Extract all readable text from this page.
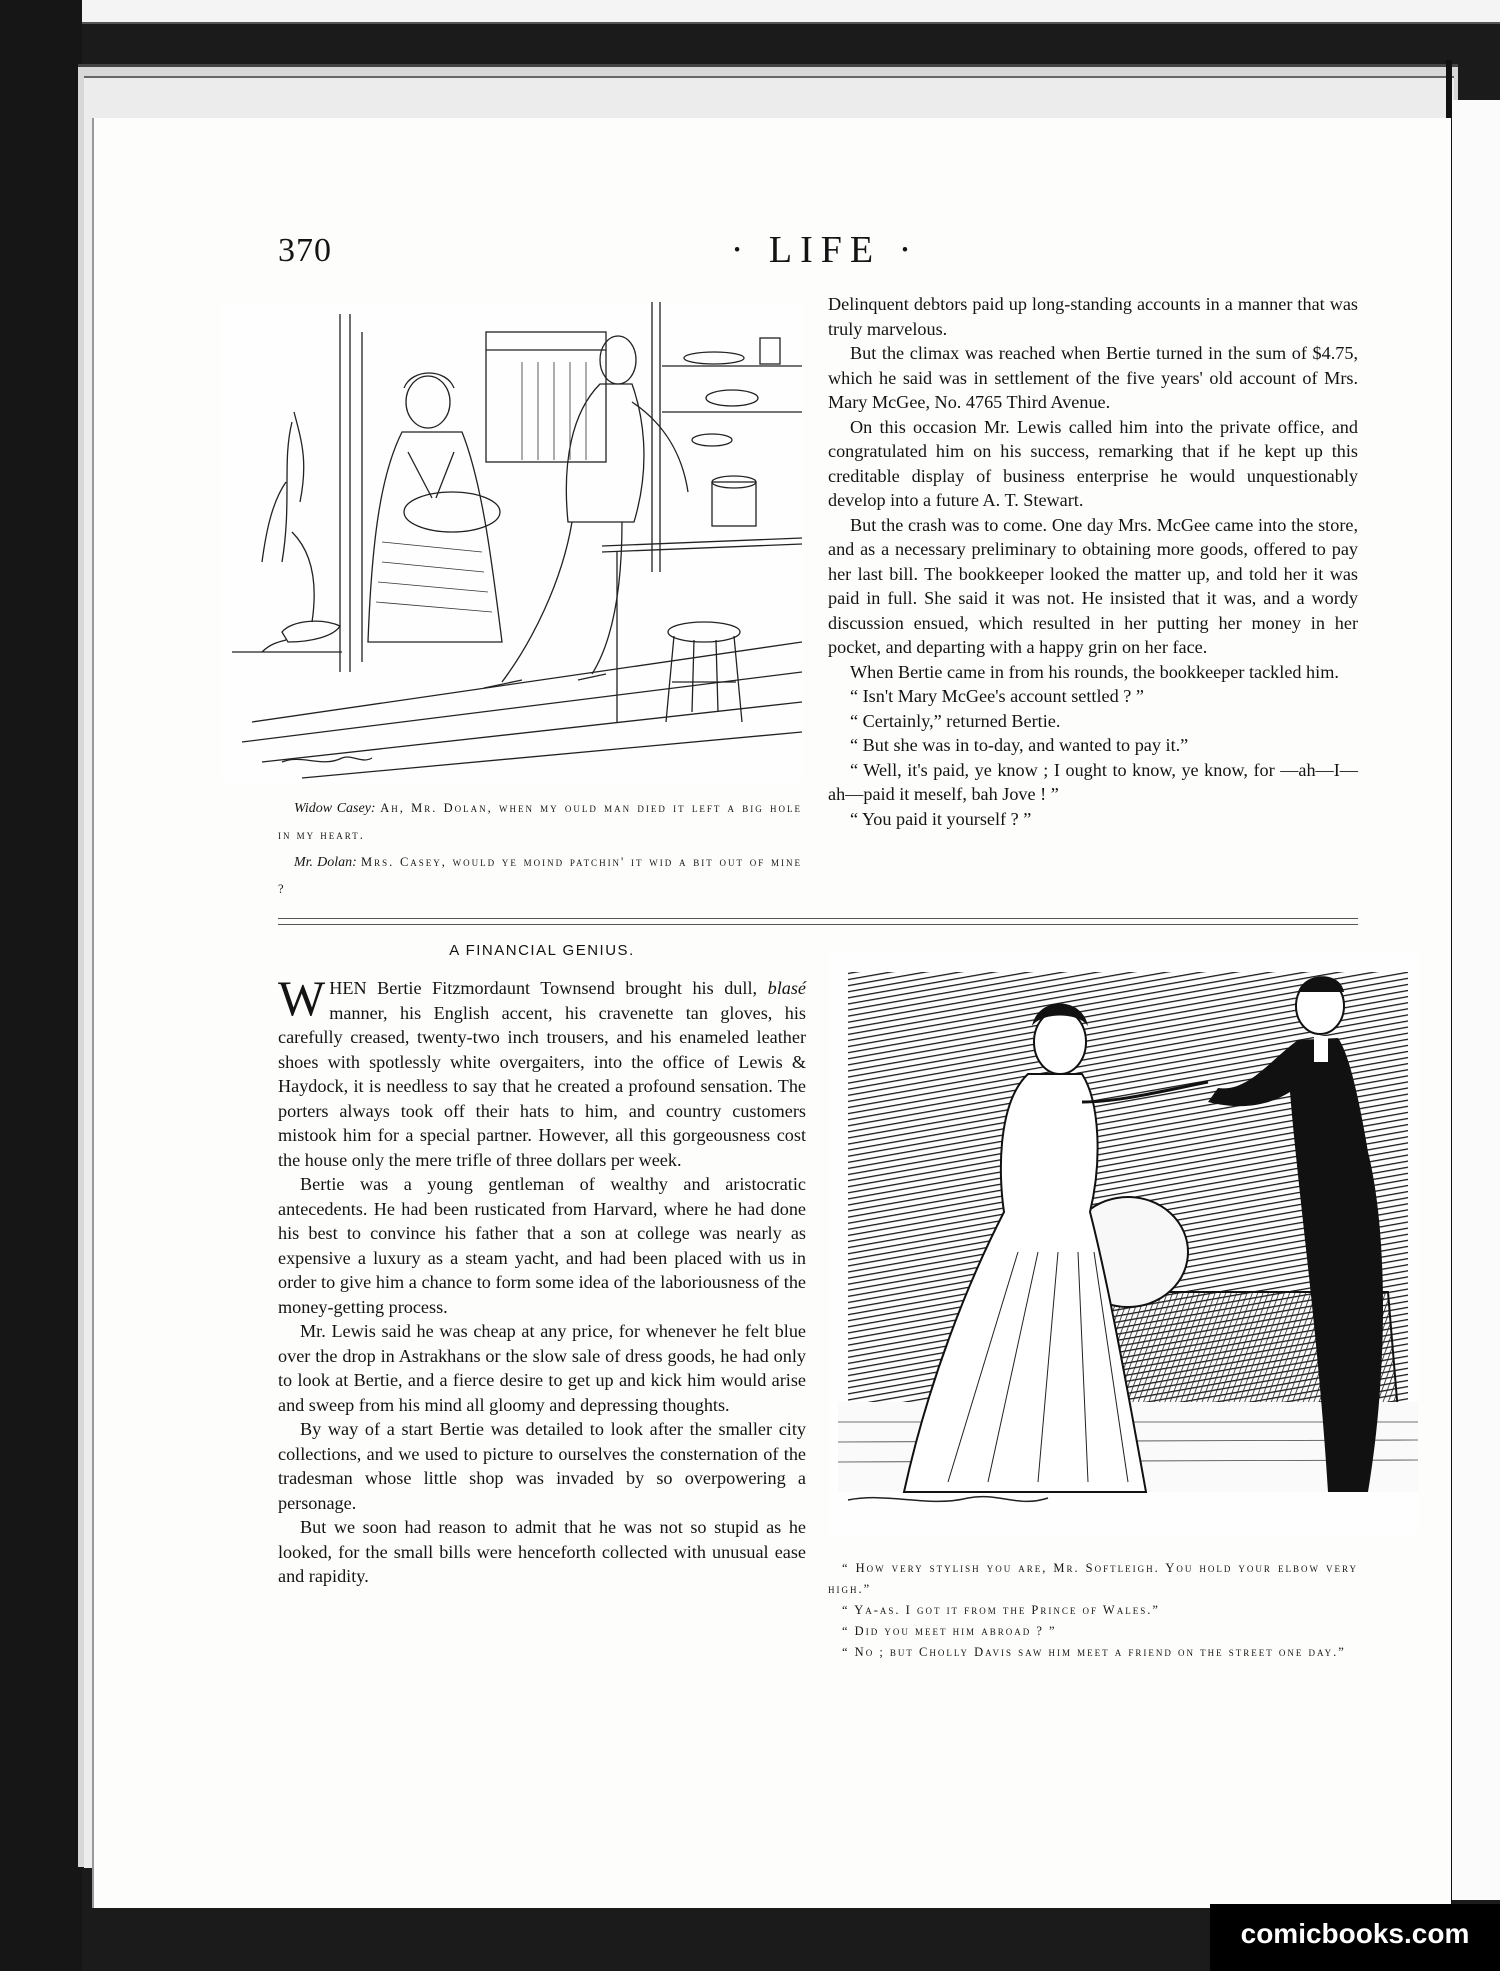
370	· LIFE ·

Widow Casey: Ah, Mr. Dolan, when my ould man died it left a big hole in my heart.

Mr. Dolan: Mrs. Casey, would ye moind patchin' it wid a bit out of mine ?

Delinquent debtors paid up long-standing accounts in a manner that was truly marvelous.

But the climax was reached when Bertie turned in the sum of $4.75, which he said was in settlement of the five years' old account of Mrs. Mary McGee, No. 4765 Third Avenue.

On this occasion Mr. Lewis called him into the private office, and congratulated him on his success, remarking that if he kept up this creditable display of business enterprise he would unquestionably develop into a future A. T. Stewart.

But the crash was to come. One day Mrs. McGee came into the store, and as a necessary preliminary to obtaining more goods, offered to pay her last bill. The bookkeeper looked the matter up, and told her it was paid in full. She said it was not. He insisted that it was, and a wordy discussion ensued, which resulted in her putting her money in her pocket, and departing with a happy grin on her face.

When Bertie came in from his rounds, the bookkeeper tackled him.

“ Isn't Mary McGee's account settled ? ”

“ Certainly,” returned Bertie.

“ But she was in to-day, and wanted to pay it.”

“ Well, it's paid, ye know ; I ought to know, ye know, for —ah—I—ah—paid it meself, bah Jove ! ”

“ You paid it yourself ? ”

A FINANCIAL GENIUS.

WHEN Bertie Fitzmordaunt Townsend brought his dull, blasé manner, his English accent, his cravenette tan gloves, his carefully creased, twenty-two inch trousers, and his enameled leather shoes with spotlessly white overgaiters, into the office of Lewis & Haydock, it is needless to say that he created a profound sensation. The porters always took off their hats to him, and country customers mistook him for a special partner. However, all this gorgeousness cost the house only the mere trifle of three dollars per week.

Bertie was a young gentleman of wealthy and aristocratic antecedents. He had been rusticated from Harvard, where he had done his best to convince his father that a son at college was nearly as expensive a luxury as a steam yacht, and had been placed with us in order to give him a chance to form some idea of the laboriousness of the money-getting process.

Mr. Lewis said he was cheap at any price, for whenever he felt blue over the drop in Astrakhans or the slow sale of dress goods, he had only to look at Bertie, and a fierce desire to get up and kick him would arise and sweep from his mind all gloomy and depressing thoughts.

By way of a start Bertie was detailed to look after the smaller city collections, and we used to picture to ourselves the consternation of the tradesman whose little shop was invaded by so overpowering a personage.

But we soon had reason to admit that he was not so stupid as he looked, for the small bills were henceforth collected with unusual ease and rapidity.	“ How very stylish you are, Mr. Softleigh. You hold your elbow very high.”

“ Ya-as. I got it from the Prince of Wales.”

“ Did you meet him abroad ? ”

“ No ; but Cholly Davis saw him meet a friend on the street one day.”

comicbooks.com
